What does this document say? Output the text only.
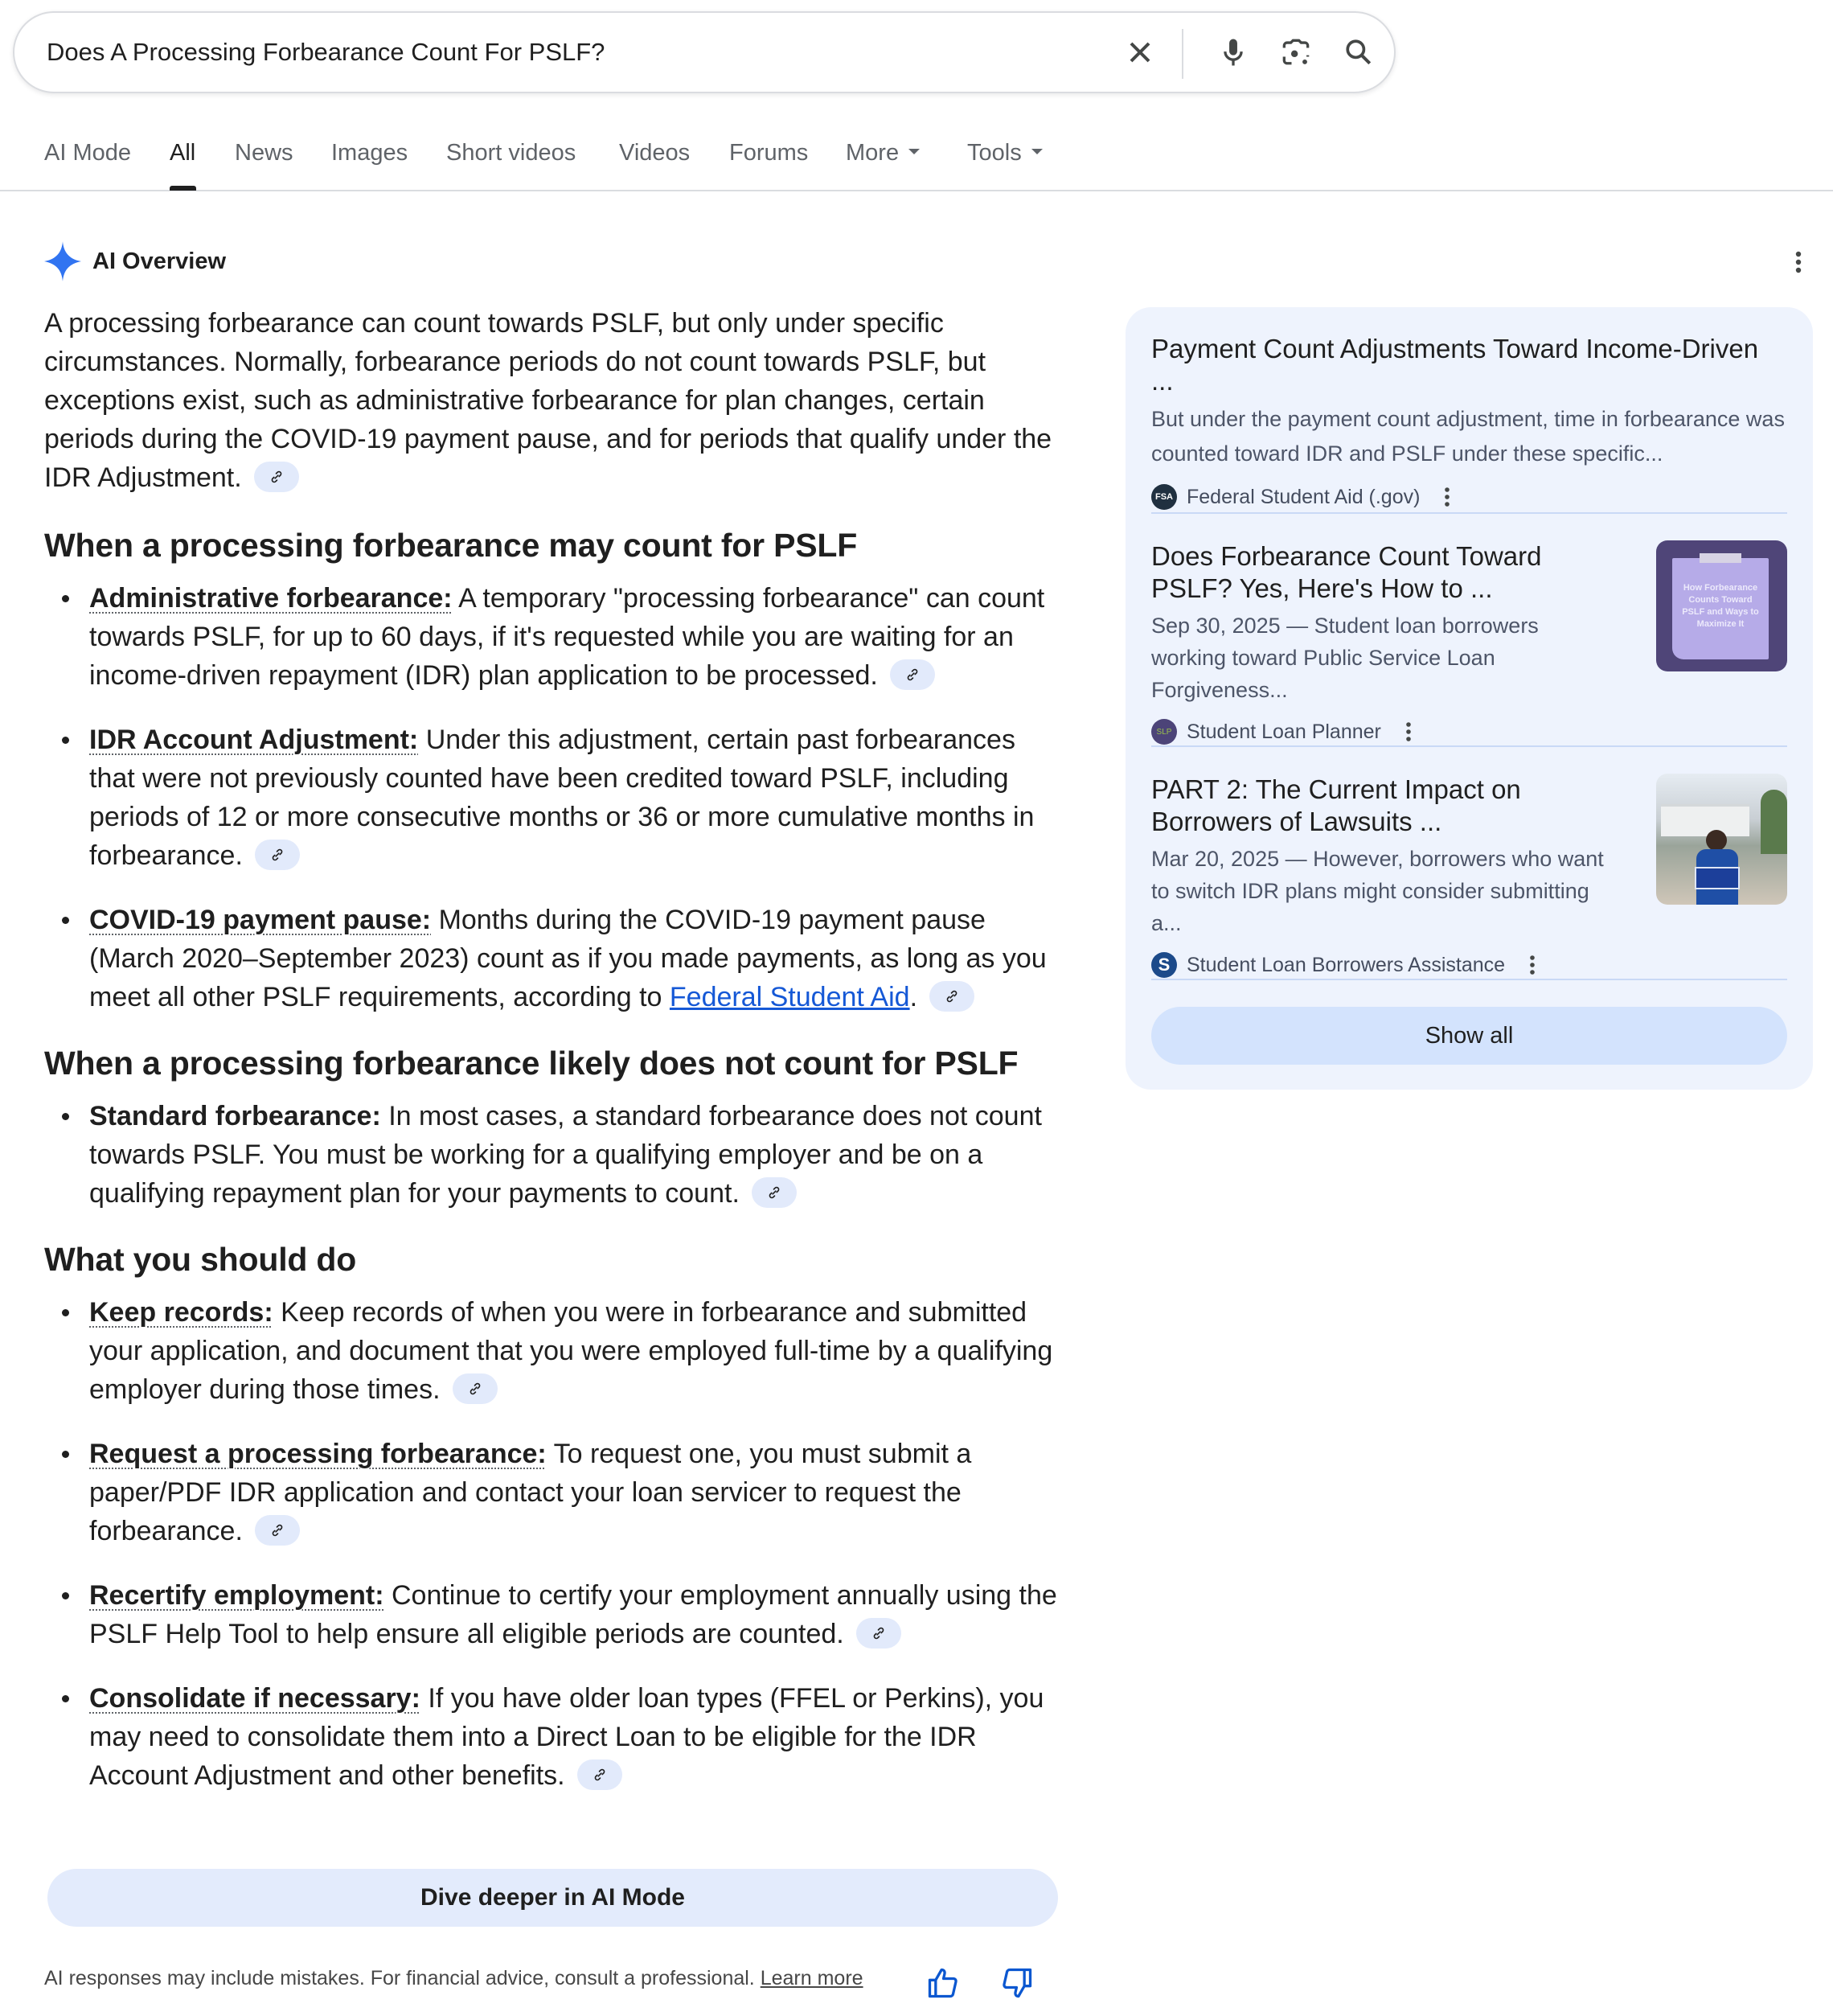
Does A Processing Forbearance Count For PSLF?
AI Mode All News Images Short videos Videos Forums More	Tools
AI Overview

A processing forbearance can count towards PSLF, but only under specific circumstances. Normally, forbearance periods do not count towards PSLF, but exceptions exist, such as administrative forbearance for plan changes, certain periods during the COVID-19 payment pause, and for periods that qualify under the IDR Adjustment.

When a processing forbearance may count for PSLF
Administrative forbearance: A temporary "processing forbearance" can count towards PSLF, for up to 60 days, if it's requested while you are waiting for an income-driven repayment (IDR) plan application to be processed.
IDR Account Adjustment: Under this adjustment, certain past forbearances that were not previously counted have been credited toward PSLF, including periods of 12 or more consecutive months or 36 or more cumulative months in forbearance.
COVID-19 payment pause: Months during the COVID-19 payment pause (March 2020–September 2023) count as if you made payments, as long as you meet all other PSLF requirements, according to Federal Student Aid.
When a processing forbearance likely does not count for PSLF
Standard forbearance: In most cases, a standard forbearance does not count towards PSLF. You must be working for a qualifying employer and be on a qualifying repayment plan for your payments to count.
What you should do
Keep records: Keep records of when you were in forbearance and submitted your application, and document that you were employed full-time by a qualifying employer during those times.
Request a processing forbearance: To request one, you must submit a paper/PDF IDR application and contact your loan servicer to request the forbearance.
Recertify employment: Continue to certify your employment annually using the PSLF Help Tool to help ensure all eligible periods are counted.
Consolidate if necessary: If you have older loan types (FFEL or Perkins), you may need to consolidate them into a Direct Loan to be eligible for the IDR Account Adjustment and other benefits.
Dive deeper in AI Mode
AI responses may include mistakes. For financial advice, consult a professional. Learn more
Payment Count Adjustments Toward Income-Driven ...
But under the payment count adjustment, time in forbearance was counted toward IDR and PSLF under these specific...
FSA Federal Student Aid (.gov)
Does Forbearance Count Toward PSLF? Yes, Here's How to ...
Sep 30, 2025 — Student loan borrowers working toward Public Service Loan Forgiveness...
SLP Student Loan Planner
How Forbearance Counts Toward PSLF and Ways to Maximize It
PART 2: The Current Impact on Borrowers of Lawsuits ...
Mar 20, 2025 — However, borrowers who want to switch IDR plans might consider submitting a...
S Student Loan Borrowers Assistance
Show all
